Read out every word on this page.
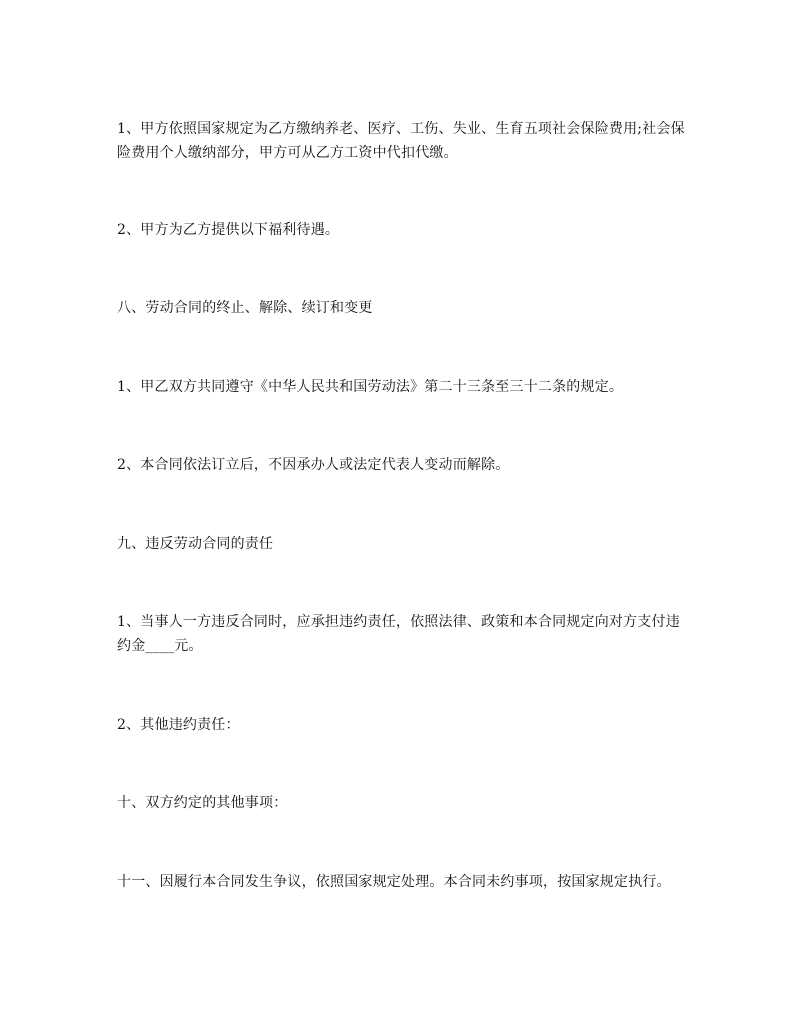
1、甲方依照国家规定为乙方缴纳养老、医疗、工伤、失业、生育五项社会保险费用;社会保险费用个人缴纳部分，甲方可从乙方工资中代扣代缴。

2、甲方为乙方提供以下福利待遇。

八、劳动合同的终止、解除、续订和变更

1、甲乙双方共同遵守《中华人民共和国劳动法》第二十三条至三十二条的规定。

2、本合同依法订立后，不因承办人或法定代表人变动而解除。

九、违反劳动合同的责任

1、当事人一方违反合同时，应承担违约责任，依照法律、政策和本合同规定向对方支付违约金____元。

2、其他违约责任：

十、双方约定的其他事项：

十一、因履行本合同发生争议，依照国家规定处理。本合同未约事项，按国家规定执行。
